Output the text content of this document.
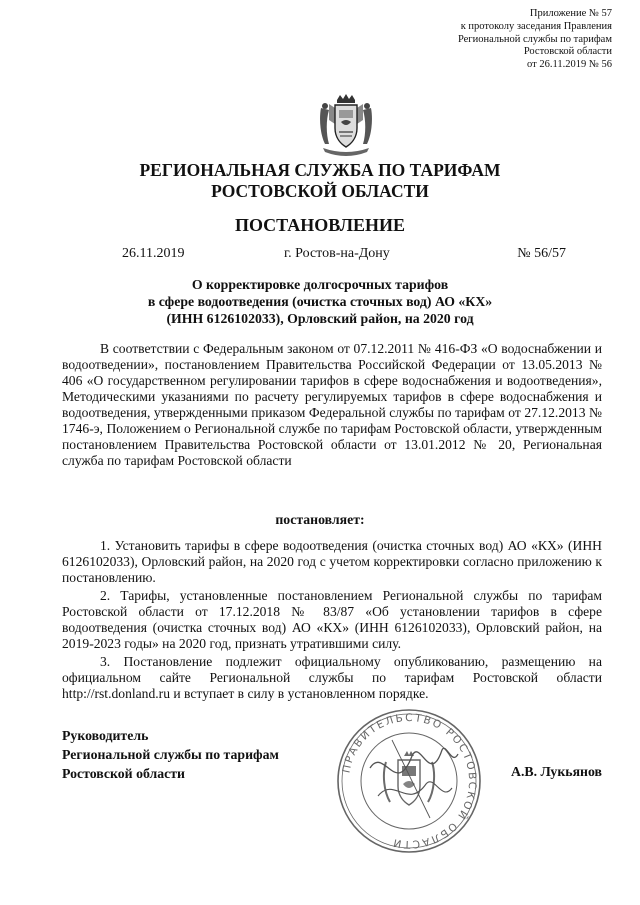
Приложение № 57
к протоколу заседания Правления
Региональной службы по тарифам
Ростовской области
от 26.11.2019 № 56
РЕГИОНАЛЬНАЯ СЛУЖБА ПО ТАРИФАМ
РОСТОВСКОЙ ОБЛАСТИ
ПОСТАНОВЛЕНИЕ
26.11.2019	г. Ростов-на-Дону	№ 56/57
О корректировке долгосрочных тарифов
в сфере водоотведения (очистка сточных вод) АО «КХ»
(ИНН 6126102033), Орловский район, на 2020 год
В соответствии с Федеральным законом от 07.12.2011 № 416-ФЗ «О водоснабжении и водоотведении», постановлением Правительства Российской Федерации от 13.05.2013 № 406 «О государственном регулировании тарифов в сфере водоснабжения и водоотведения», Методическими указаниями по расчету регулируемых тарифов в сфере водоснабжения и водоотведения, утвержденными приказом Федеральной службы по тарифам от 27.12.2013 № 1746-э, Положением о Региональной службе по тарифам Ростовской области, утвержденным постановлением Правительства Ростовской области от 13.01.2012 № 20, Региональная служба по тарифам Ростовской области
постановляет:

1. Установить тарифы в сфере водоотведения (очистка сточных вод) АО «КХ» (ИНН 6126102033), Орловский район, на 2020 год с учетом корректировки согласно приложению к постановлению.

2. Тарифы, установленные постановлением Региональной службы по тарифам Ростовской области от 17.12.2018 № 83/87 «Об установлении тарифов в сфере водоотведения (очистка сточных вод) АО «КХ» (ИНН 6126102033), Орловский район, на 2019-2023 годы» на 2020 год, признать утратившими силу.

3. Постановление подлежит официальному опубликованию, размещению на официальном сайте Региональной службы по тарифам Ростовской области http://rst.donland.ru и вступает в силу в установленном порядке.

ПРАВИТЕЛЬСТВО РОСТОВСКОЙ ОБЛАСТИ
Руководитель
Региональной службы по тарифам
Ростовской области	А.В. Лукьянов
